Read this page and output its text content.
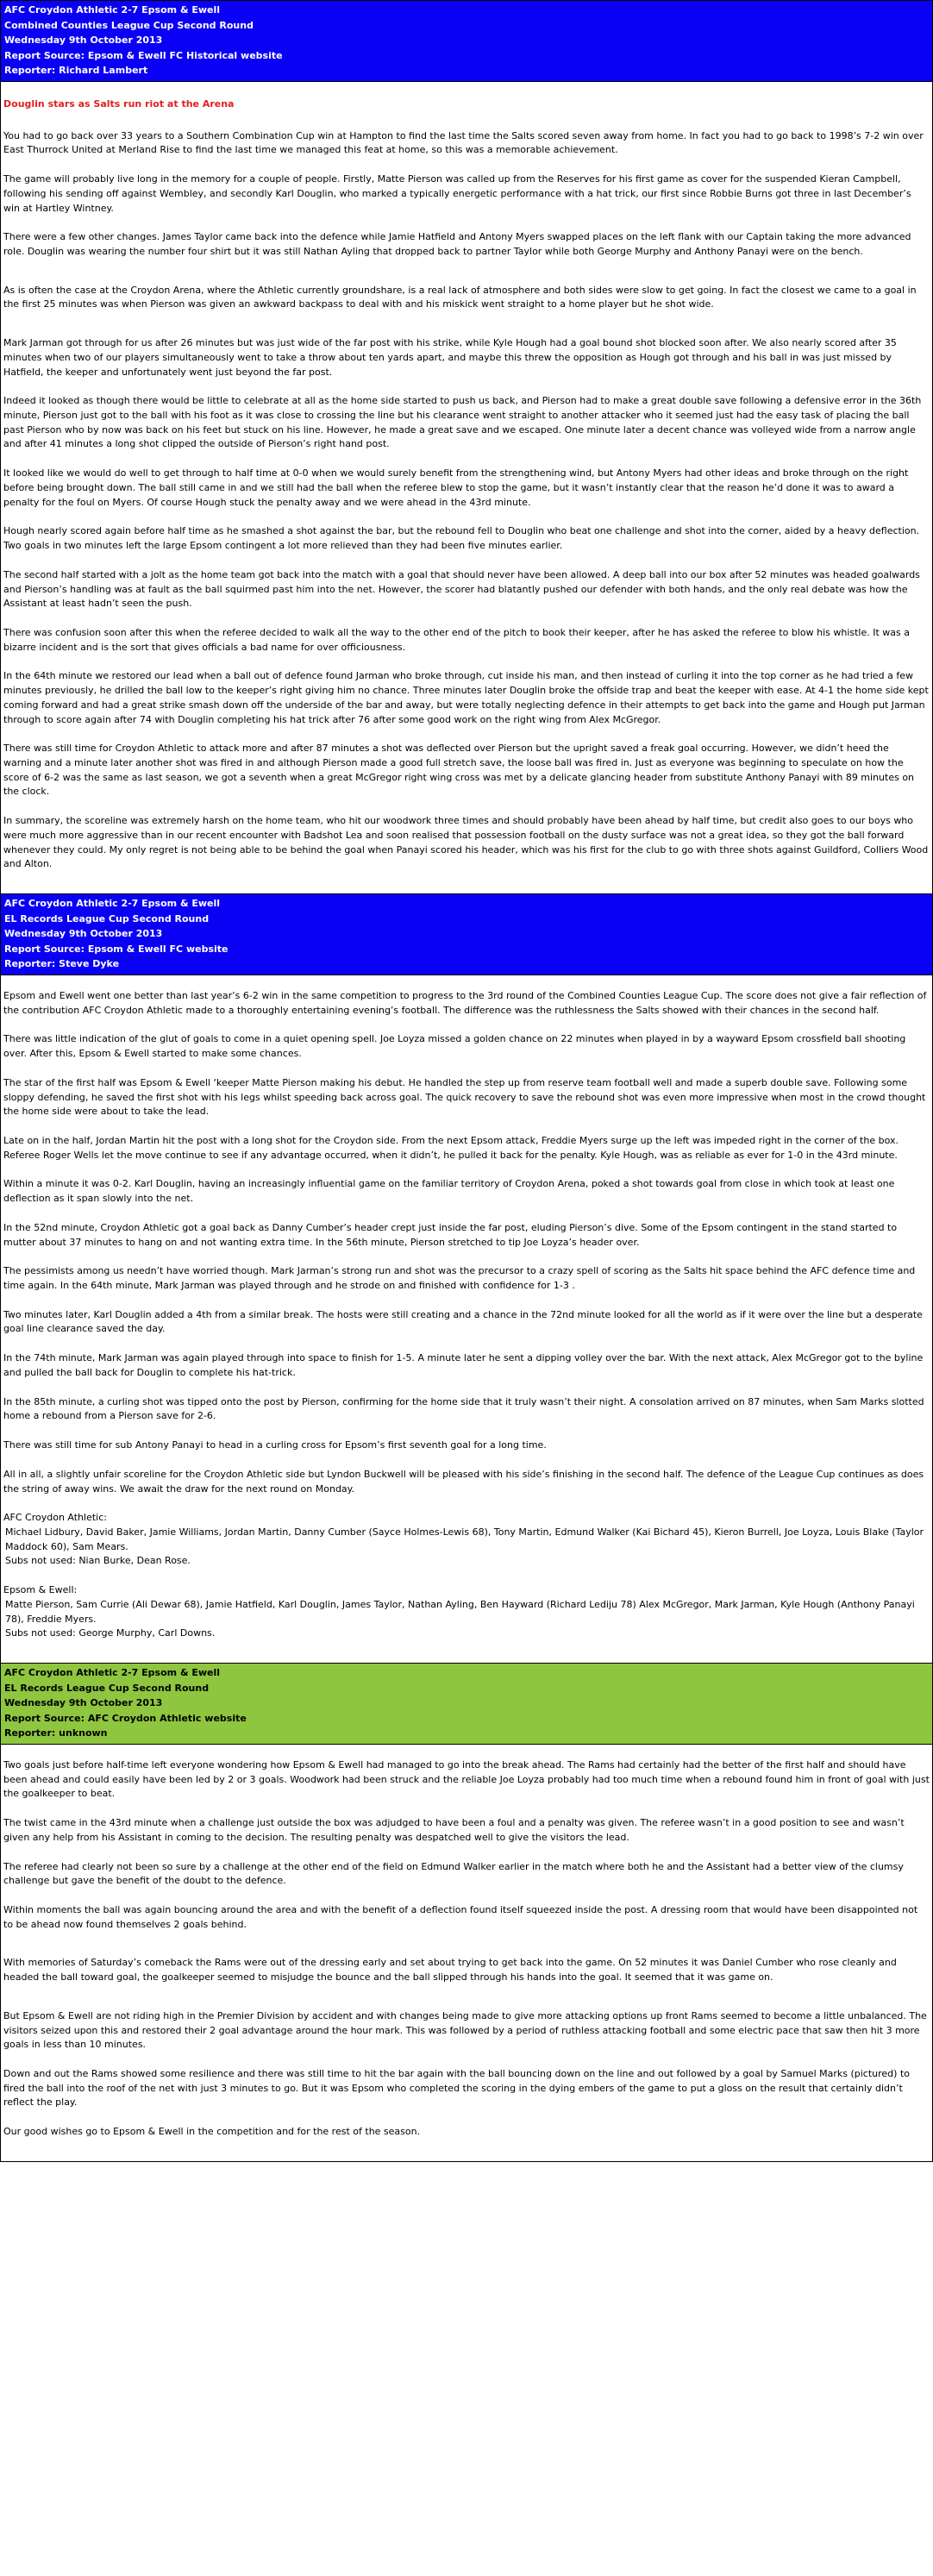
AFC Croydon Athletic 2-7 Epsom & Ewell
Combined Counties League Cup Second Round
Wednesday 9th October 2013
Report Source: Epsom & Ewell FC Historical website
Reporter: Richard Lambert
Douglin stars as Salts run riot at the Arena

You had to go back over 33 years to a Southern Combination Cup win at Hampton to find the last time the Salts scored seven away from home. In fact you had to go back to 1998’s 7-2 win over East Thurrock United at Merland Rise to find the last time we managed this feat at home, so this was a memorable achievement.

The game will probably live long in the memory for a couple of people. Firstly, Matte Pierson was called up from the Reserves for his first game as cover for the suspended Kieran Campbell, following his sending off against Wembley, and secondly Karl Douglin, who marked a typically energetic performance with a hat trick, our first since Robbie Burns got three in last December’s win at Hartley Wintney.

There were a few other changes. James Taylor came back into the defence while Jamie Hatfield and Antony Myers swapped places on the left flank with our Captain taking the more advanced role. Douglin was wearing the number four shirt but it was still Nathan Ayling that dropped back to partner Taylor while both George Murphy and Anthony Panayi were on the bench.

As is often the case at the Croydon Arena, where the Athletic currently groundshare, is a real lack of atmosphere and both sides were slow to get going. In fact the closest we came to a goal in the first 25 minutes was when Pierson was given an awkward backpass to deal with and his miskick went straight to a home player but he shot wide.

Mark Jarman got through for us after 26 minutes but was just wide of the far post with his strike, while Kyle Hough had a goal bound shot blocked soon after. We also nearly scored after 35 minutes when two of our players simultaneously went to take a throw about ten yards apart, and maybe this threw the opposition as Hough got through and his ball in was just missed by Hatfield, the keeper and unfortunately went just beyond the far post.

Indeed it looked as though there would be little to celebrate at all as the home side started to push us back, and Pierson had to make a great double save following a defensive error in the 36th minute, Pierson just got to the ball with his foot as it was close to crossing the line but his clearance went straight to another attacker who it seemed just had the easy task of placing the ball past Pierson who by now was back on his feet but stuck on his line. However, he made a great save and we escaped. One minute later a decent chance was volleyed wide from a narrow angle and after 41 minutes a long shot clipped the outside of Pierson’s right hand post.

It looked like we would do well to get through to half time at 0-0 when we would surely benefit from the strengthening wind, but Antony Myers had other ideas and broke through on the right before being brought down. The ball still came in and we still had the ball when the referee blew to stop the game, but it wasn’t instantly clear that the reason he’d done it was to award a penalty for the foul on Myers. Of course Hough stuck the penalty away and we were ahead in the 43rd minute.

Hough nearly scored again before half time as he smashed a shot against the bar, but the rebound fell to Douglin who beat one challenge and shot into the corner, aided by a heavy deflection. Two goals in two minutes left the large Epsom contingent a lot more relieved than they had been five minutes earlier.

The second half started with a jolt as the home team got back into the match with a goal that should never have been allowed. A deep ball into our box after 52 minutes was headed goalwards and Pierson’s handling was at fault as the ball squirmed past him into the net. However, the scorer had blatantly pushed our defender with both hands, and the only real debate was how the Assistant at least hadn’t seen the push.

There was confusion soon after this when the referee decided to walk all the way to the other end of the pitch to book their keeper, after he has asked the referee to blow his whistle. It was a bizarre incident and is the sort that gives officials a bad name for over officiousness.

In the 64th minute we restored our lead when a ball out of defence found Jarman who broke through, cut inside his man, and then instead of curling it into the top corner as he had tried a few minutes previously, he drilled the ball low to the keeper’s right giving him no chance. Three minutes later Douglin broke the offside trap and beat the keeper with ease. At 4-1 the home side kept coming forward and had a great strike smash down off the underside of the bar and away, but were totally neglecting defence in their attempts to get back into the game and Hough put Jarman through to score again after 74 with Douglin completing his hat trick after 76 after some good work on the right wing from Alex McGregor.

There was still time for Croydon Athletic to attack more and after 87 minutes a shot was deflected over Pierson but the upright saved a freak goal occurring. However, we didn’t heed the warning and a minute later another shot was fired in and although Pierson made a good full stretch save, the loose ball was fired in. Just as everyone was beginning to speculate on how the score of 6-2 was the same as last season, we got a seventh when a great McGregor right wing cross was met by a delicate glancing header from substitute Anthony Panayi with 89 minutes on the clock.

In summary, the scoreline was extremely harsh on the home team, who hit our woodwork three times and should probably have been ahead by half time, but credit also goes to our boys who were much more aggressive than in our recent encounter with Badshot Lea and soon realised that possession football on the dusty surface was not a great idea, so they got the ball forward whenever they could. My only regret is not being able to be behind the goal when Panayi scored his header, which was his first for the club to go with three shots against Guildford, Colliers Wood and Alton.

AFC Croydon Athletic 2-7 Epsom & Ewell
EL Records League Cup Second Round
Wednesday 9th October 2013
Report Source: Epsom & Ewell FC website
Reporter: Steve Dyke

Epsom and Ewell went one better than last year’s 6-2 win in the same competition to progress to the 3rd round of the Combined Counties League Cup. The score does not give a fair reflection of the contribution AFC Croydon Athletic made to a thoroughly entertaining evening’s football. The difference was the ruthlessness the Salts showed with their chances in the second half.

There was little indication of the glut of goals to come in a quiet opening spell. Joe Loyza missed a golden chance on 22 minutes when played in by a wayward Epsom crossfield ball shooting over. After this, Epsom & Ewell started to make some chances.

The star of the first half was Epsom & Ewell ‘keeper Matte Pierson making his debut. He handled the step up from reserve team football well and made a superb double save. Following some sloppy defending, he saved the first shot with his legs whilst speeding back across goal. The quick recovery to save the rebound shot was even more impressive when most in the crowd thought the home side were about to take the lead.

Late on in the half, Jordan Martin hit the post with a long shot for the Croydon side. From the next Epsom attack, Freddie Myers surge up the left was impeded right in the corner of the box. Referee Roger Wells let the move continue to see if any advantage occurred, when it didn’t, he pulled it back for the penalty. Kyle Hough, was as reliable as ever for 1-0 in the 43rd minute.

Within a minute it was 0-2. Karl Douglin, having an increasingly influential game on the familiar territory of Croydon Arena, poked a shot towards goal from close in which took at least one deflection as it span slowly into the net.

In the 52nd minute, Croydon Athletic got a goal back as Danny Cumber’s header crept just inside the far post, eluding Pierson’s dive. Some of the Epsom contingent in the stand started to mutter about 37 minutes to hang on and not wanting extra time. In the 56th minute, Pierson stretched to tip Joe Loyza’s header over.

The pessimists among us needn’t have worried though. Mark Jarman’s strong run and shot was the precursor to a crazy spell of scoring as the Salts hit space behind the AFC defence time and time again. In the 64th minute, Mark Jarman was played through and he strode on and finished with confidence for 1-3 .

Two minutes later, Karl Douglin added a 4th from a similar break. The hosts were still creating and a chance in the 72nd minute looked for all the world as if it were over the line but a desperate goal line clearance saved the day.

In the 74th minute, Mark Jarman was again played through into space to finish for 1-5. A minute later he sent a dipping volley over the bar. With the next attack, Alex McGregor got to the byline and pulled the ball back for Douglin to complete his hat-trick.

In the 85th minute, a curling shot was tipped onto the post by Pierson, confirming for the home side that it truly wasn’t their night. A consolation arrived on 87 minutes, when Sam Marks slotted home a rebound from a Pierson save for 2-6.

There was still time for sub Antony Panayi to head in a curling cross for Epsom’s first seventh goal for a long time.

All in all, a slightly unfair scoreline for the Croydon Athletic side but Lyndon Buckwell will be pleased with his side’s finishing in the second half. The defence of the League Cup continues as does the string of away wins. We await the draw for the next round on Monday.

AFC Croydon Athletic:

Michael Lidbury, David Baker, Jamie Williams, Jordan Martin, Danny Cumber (Sayce Holmes-Lewis 68), Tony Martin, Edmund Walker (Kai Bichard 45), Kieron Burrell, Joe Loyza, Louis Blake (Taylor Maddock 60), Sam Mears.

Subs not used: Nian Burke, Dean Rose.

Epsom & Ewell:

Matte Pierson, Sam Currie (Ali Dewar 68), Jamie Hatfield, Karl Douglin, James Taylor, Nathan Ayling, Ben Hayward (Richard Lediju 78) Alex McGregor, Mark Jarman, Kyle Hough (Anthony Panayi 78), Freddie Myers.

Subs not used: George Murphy, Carl Downs.

AFC Croydon Athletic 2-7 Epsom & Ewell
EL Records League Cup Second Round
Wednesday 9th October 2013
Report Source: AFC Croydon Athletic website
Reporter: unknown

Two goals just before half-time left everyone wondering how Epsom & Ewell had managed to go into the break ahead. The Rams had certainly had the better of the first half and should have been ahead and could easily have been led by 2 or 3 goals. Woodwork had been struck and the reliable Joe Loyza probably had too much time when a rebound found him in front of goal with just the goalkeeper to beat.

The twist came in the 43rd minute when a challenge just outside the box was adjudged to have been a foul and a penalty was given. The referee wasn’t in a good position to see and wasn’t given any help from his Assistant in coming to the decision. The resulting penalty was despatched well to give the visitors the lead.

The referee had clearly not been so sure by a challenge at the other end of the field on Edmund Walker earlier in the match where both he and the Assistant had a better view of the clumsy challenge but gave the benefit of the doubt to the defence.

Within moments the ball was again bouncing around the area and with the benefit of a deflection found itself squeezed inside the post. A dressing room that would have been disappointed not to be ahead now found themselves 2 goals behind.

With memories of Saturday’s comeback the Rams were out of the dressing early and set about trying to get back into the game. On 52 minutes it was Daniel Cumber who rose cleanly and headed the ball toward goal, the goalkeeper seemed to misjudge the bounce and the ball slipped through his hands into the goal. It seemed that it was game on.

But Epsom & Ewell are not riding high in the Premier Division by accident and with changes being made to give more attacking options up front Rams seemed to become a little unbalanced. The visitors seized upon this and restored their 2 goal advantage around the hour mark. This was followed by a period of ruthless attacking football and some electric pace that saw then hit 3 more goals in less than 10 minutes.

Down and out the Rams showed some resilience and there was still time to hit the bar again with the ball bouncing down on the line and out followed by a goal by Samuel Marks (pictured) to fired the ball into the roof of the net with just 3 minutes to go. But it was Epsom who completed the scoring in the dying embers of the game to put a gloss on the result that certainly didn’t reflect the play.

Our good wishes go to Epsom & Ewell in the competition and for the rest of the season.
